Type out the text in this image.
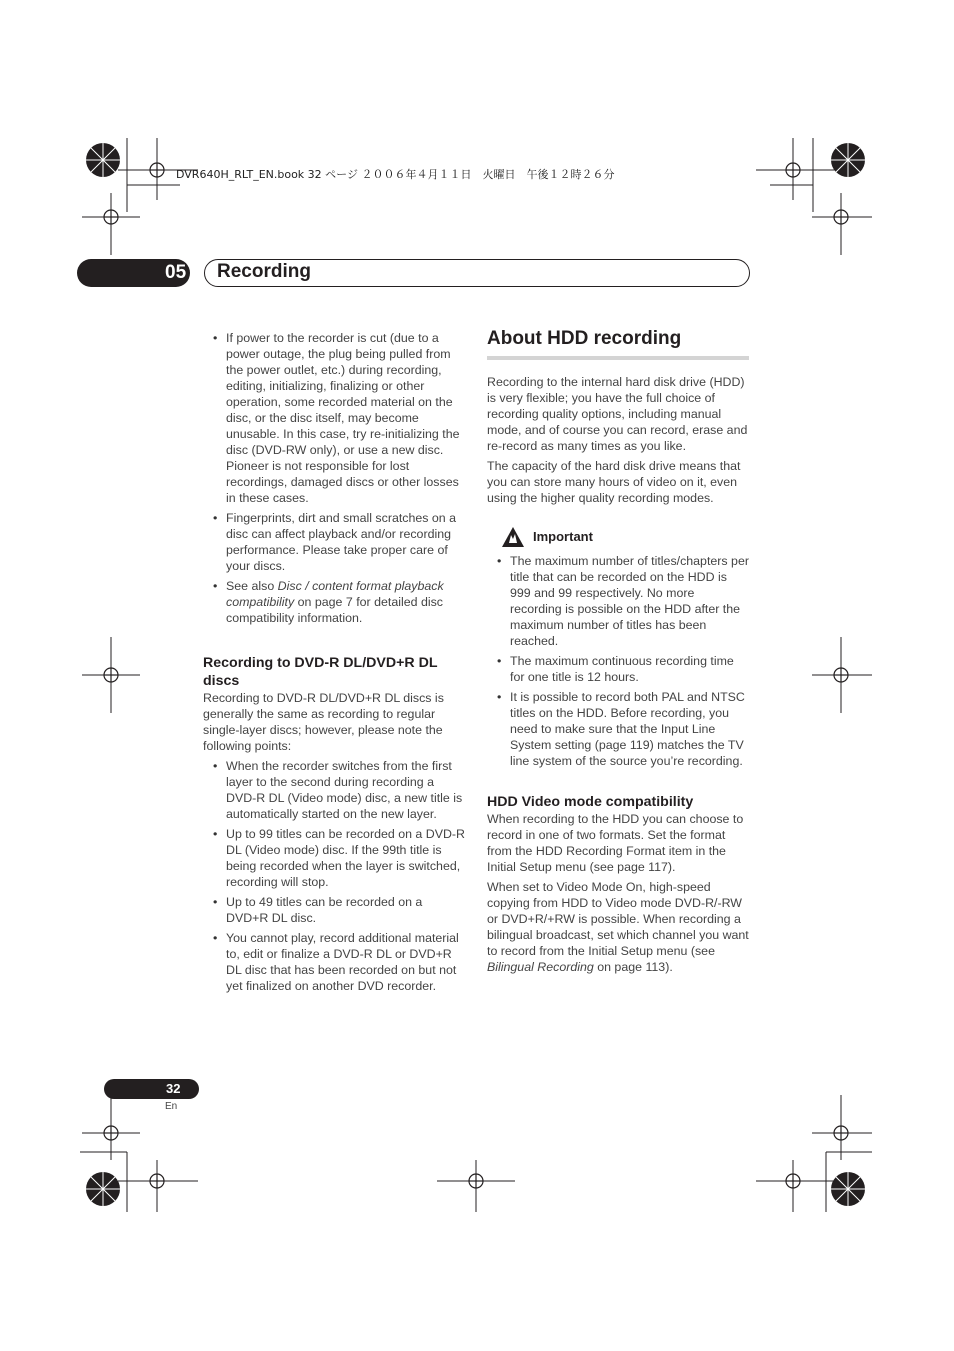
DVR640H_RLT_EN.book 32 ページ ２００６年４月１１日　火曜日　午後１２時２６分
05 Recording
• If power to the recorder is cut (due to a power outage, the plug being pulled from the power outlet, etc.) during recording, editing, initializing, finalizing or other operation, some recorded material on the disc, or the disc itself, may become unusable. In this case, try re-initializing the disc (DVD-RW only), or use a new disc. Pioneer is not responsible for lost recordings, damaged discs or other losses in these cases.
• Fingerprints, dirt and small scratches on a disc can affect playback and/or recording performance. Please take proper care of your discs.
• See also Disc / content format playback compatibility on page 7 for detailed disc compatibility information.
Recording to DVD-R DL/DVD+R DL discs

Recording to DVD-R DL/DVD+R DL discs is generally the same as recording to regular single-layer discs; however, please note the following points:

• When the recorder switches from the first layer to the second during recording a DVD-R DL (Video mode) disc, a new title is automatically started on the new layer.
• Up to 99 titles can be recorded on a DVD-R DL (Video mode) disc. If the 99th title is being recorded when the layer is switched, recording will stop.
• Up to 49 titles can be recorded on a DVD+R DL disc.
• You cannot play, record additional material to, edit or finalize a DVD-R DL or DVD+R DL disc that has been recorded on but not yet finalized on another DVD recorder.
About HDD recording

Recording to the internal hard disk drive (HDD) is very flexible; you have the full choice of recording quality options, including manual mode, and of course you can record, erase and re-record as many times as you like.

The capacity of the hard disk drive means that you can store many hours of video on it, even using the higher quality recording modes.

Important
• The maximum number of titles/chapters per title that can be recorded on the HDD is 999 and 99 respectively. No more recording is possible on the HDD after the maximum number of titles has been reached.
• The maximum continuous recording time for one title is 12 hours.
• It is possible to record both PAL and NTSC titles on the HDD. Before recording, you need to make sure that the Input Line System setting (page 119) matches the TV line system of the source you’re recording.
HDD Video mode compatibility

When recording to the HDD you can choose to record in one of two formats. Set the format from the HDD Recording Format item in the Initial Setup menu (see page 117).

When set to Video Mode On, high-speed copying from HDD to Video mode DVD-R/-RW or DVD+R/+RW is possible. When recording a bilingual broadcast, set which channel you want to record from the Initial Setup menu (see Bilingual Recording on page 113).

32
En
